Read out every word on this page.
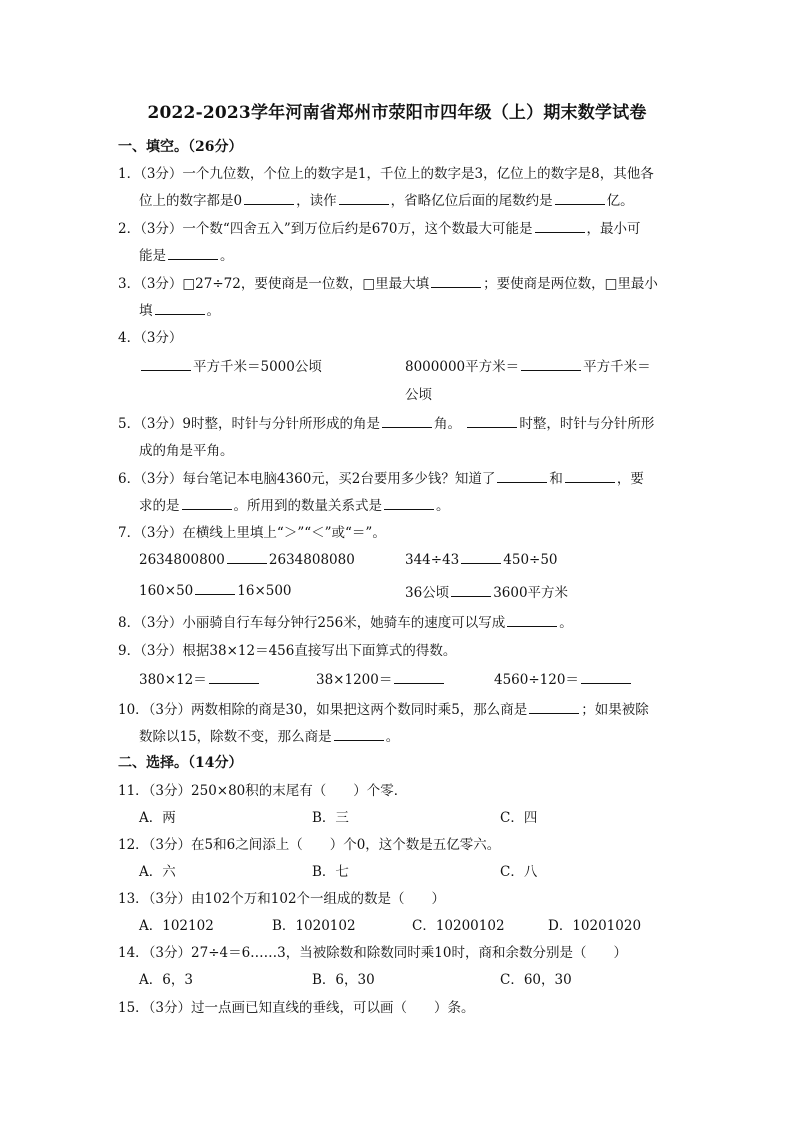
2022-2023学年河南省郑州市荥阳市四年级（上）期末数学试卷
一、填空。（26分）
1．（3分）一个九位数，个位上的数字是1，千位上的数字是3，亿位上的数字是8，其他各
位上的数字都是0	，读作	，省略亿位后面的尾数约是	亿。
2．（3分）一个数“四舍五入”到万位后约是670万，这个数最大可能是	，最小可
能是	。
3．（3分）□27÷72，要使商是一位数，□里最大填	；要使商是两位数，□里最小
填	。
4．（3分）
平方千米＝5000公顷	8000000平方米＝	平方千米＝
公顷
5．（3分）9时整，时针与分针所形成的角是	角。	时整，时针与分针所形
成的角是平角。
6．（3分）每台笔记本电脑4360元，买2台要用多少钱？知道了	和	，要
求的是	。所用到的数量关系式是	。
7．（3分）在横线上里填上“＞”“＜”或“＝”。
2634800800	2634808080	344÷43	450÷50
160×50	16×500	36公顷	3600平方米
8．（3分）小丽骑自行车每分钟行256米，她骑车的速度可以写成	。
9．（3分）根据38×12＝456直接写出下面算式的得数。
380×12＝	38×1200＝	4560÷120＝
10．（3分）两数相除的商是30，如果把这两个数同时乘5，那么商是	；如果被除
数除以15，除数不变，那么商是	。
二、选择。（14分）
11．（3分）250×80积的末尾有（　　）个零．
A．两	B．三	C．四
12．（3分）在5和6之间添上（　　）个0，这个数是五亿零六。
A．六	B．七	C．八
13．（3分）由102个万和102个一组成的数是（　　）
A．102102	B．1020102	C．10200102	D．10201020
14．（3分）27÷4＝6……3，当被除数和除数同时乘10时，商和余数分别是（　　）
A．6，3	B．6，30	C．60，30
15．（3分）过一点画已知直线的垂线，可以画（　　）条。
